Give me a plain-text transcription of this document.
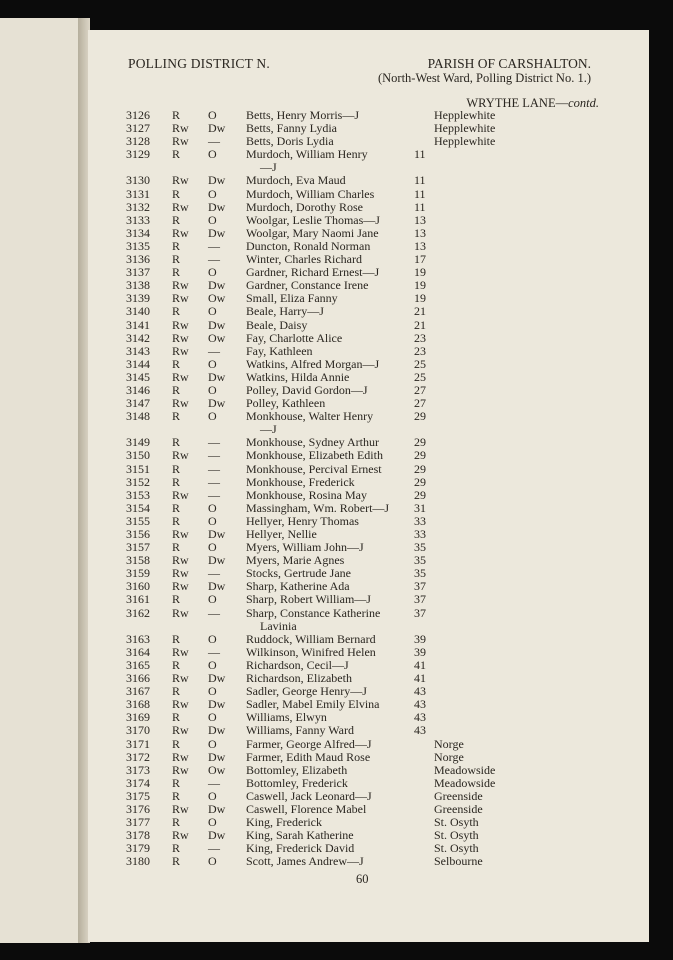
POLLING DISTRICT N.	PARISH OF CARSHALTON.
(North-West Ward, Polling District No. 1.)
WRYTHE LANE—contd.
3126	R	O	Betts, Henry Morris—J		Hepplewhite
3127	Rw	Dw	Betts, Fanny Lydia		Hepplewhite
3128	Rw	—	Betts, Doris Lydia		Hepplewhite
3129	R	O	Murdoch, William Henry	11	
			—J		
3130	Rw	Dw	Murdoch, Eva Maud	11	
3131	R	O	Murdoch, William Charles	11	
3132	Rw	Dw	Murdoch, Dorothy Rose	11	
3133	R	O	Woolgar, Leslie Thomas—J	13	
3134	Rw	Dw	Woolgar, Mary Naomi Jane	13	
3135	R	—	Duncton, Ronald Norman	13	
3136	R	—	Winter, Charles Richard	17	
3137	R	O	Gardner, Richard Ernest—J	19	
3138	Rw	Dw	Gardner, Constance Irene	19	
3139	Rw	Ow	Small, Eliza Fanny	19	
3140	R	O	Beale, Harry—J	21	
3141	Rw	Dw	Beale, Daisy	21	
3142	Rw	Ow	Fay, Charlotte Alice	23	
3143	Rw	—	Fay, Kathleen	23	
3144	R	O	Watkins, Alfred Morgan—J	25	
3145	Rw	Dw	Watkins, Hilda Annie	25	
3146	R	O	Polley, David Gordon—J	27	
3147	Rw	Dw	Polley, Kathleen	27	
3148	R	O	Monkhouse, Walter Henry	29	
			—J		
3149	R	—	Monkhouse, Sydney Arthur	29	
3150	Rw	—	Monkhouse, Elizabeth Edith	29	
3151	R	—	Monkhouse, Percival Ernest	29	
3152	R	—	Monkhouse, Frederick	29	
3153	Rw	—	Monkhouse, Rosina May	29	
3154	R	O	Massingham, Wm. Robert—J	31	
3155	R	O	Hellyer, Henry Thomas	33	
3156	Rw	Dw	Hellyer, Nellie	33	
3157	R	O	Myers, William John—J	35	
3158	Rw	Dw	Myers, Marie Agnes	35	
3159	Rw	—	Stocks, Gertrude Jane	35	
3160	Rw	Dw	Sharp, Katherine Ada	37	
3161	R	O	Sharp, Robert William—J	37	
3162	Rw	—	Sharp, Constance Katherine	37	
			Lavinia		
3163	R	O	Ruddock, William Bernard	39	
3164	Rw	—	Wilkinson, Winifred Helen	39	
3165	R	O	Richardson, Cecil—J	41	
3166	Rw	Dw	Richardson, Elizabeth	41	
3167	R	O	Sadler, George Henry—J	43	
3168	Rw	Dw	Sadler, Mabel Emily Elvina	43	
3169	R	O	Williams, Elwyn	43	
3170	Rw	Dw	Williams, Fanny Ward	43	
3171	R	O	Farmer, George Alfred—J		Norge
3172	Rw	Dw	Farmer, Edith Maud Rose		Norge
3173	Rw	Ow	Bottomley, Elizabeth		Meadowside
3174	R	—	Bottomley, Frederick		Meadowside
3175	R	O	Caswell, Jack Leonard—J		Greenside
3176	Rw	Dw	Caswell, Florence Mabel		Greenside
3177	R	O	King, Frederick		St. Osyth
3178	Rw	Dw	King, Sarah Katherine		St. Osyth
3179	R	—	King, Frederick David		St. Osyth
3180	R	O	Scott, James Andrew—J		Selbourne
60
